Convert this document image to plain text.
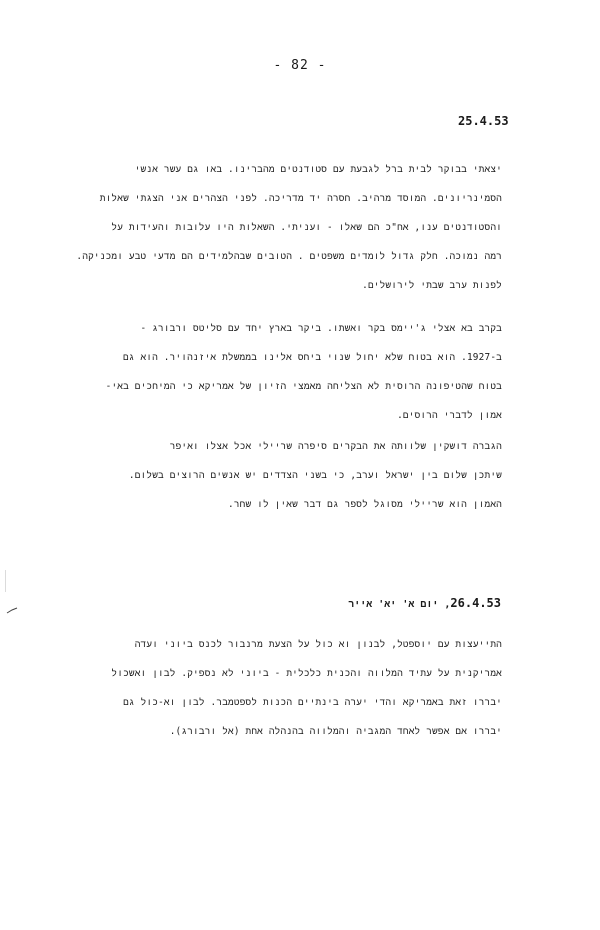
- 82 -
25.4.53
יצאתי בבוקר לבית ברל לגבעת עם סטודנטים מהברינו. באו גם עשר אנשי
הסמינריונים. המוסד מרהיב. חסרה יד מדריכה. לפני הצהרים אני הצגתי שאלות
והסטודנטים ענו, אח"כ הם שאלו - ועניתי. השאלות היו עלובות והעידות על
רמה נמוכה. חלק גדול לומדים משפטים . הטובים שבהלמידים הם מדעי טבע ומכניקה.
לפנות ערב שבתי לירושלים.
בקרב בא אצלי ג'יימס בקר ואשתו. ביקר בארץ יחד עם סליטס ורבורג -
ב-1927. הוא בטוח שלא יחול שנוי ביחס אלינו בממשלת איזנהויר. הוא גם
בטוח שהטיפונה הרוסית לא הצליחה מאמצי הזיון של אמריקא כי המיחכים באי-
אמון לדברי הרוסים.
הגברה דושקין שלוותה את הבקרים סיפרה שריילי אכל אצלו ואיפר
שיתכן שלום בין ישראל וערב, כי בשני הצדדים יש אנשים הרוצים בשלום.
האמון הוא שריילי מסוגל לספר גם דבר שאין לו שחר.
26.4.53, יום א' יא' אייר
התייעצות עם יוספטל, לבנון וא כול על הצעת מרנבור לכנס ביוני ועדה
אמריקנית על עתיד המלווה והכנית כלכלית - ביוני לא נספיק. לבון ואשכול
יבררו זאת באמריקא והדי יערה בינתיים הכנות לספטמבר. לבון וא-כול גם
יבררו אם אפשר לאחד המגביה והמלווה בהנהלה אחת (אל ורבורג).
